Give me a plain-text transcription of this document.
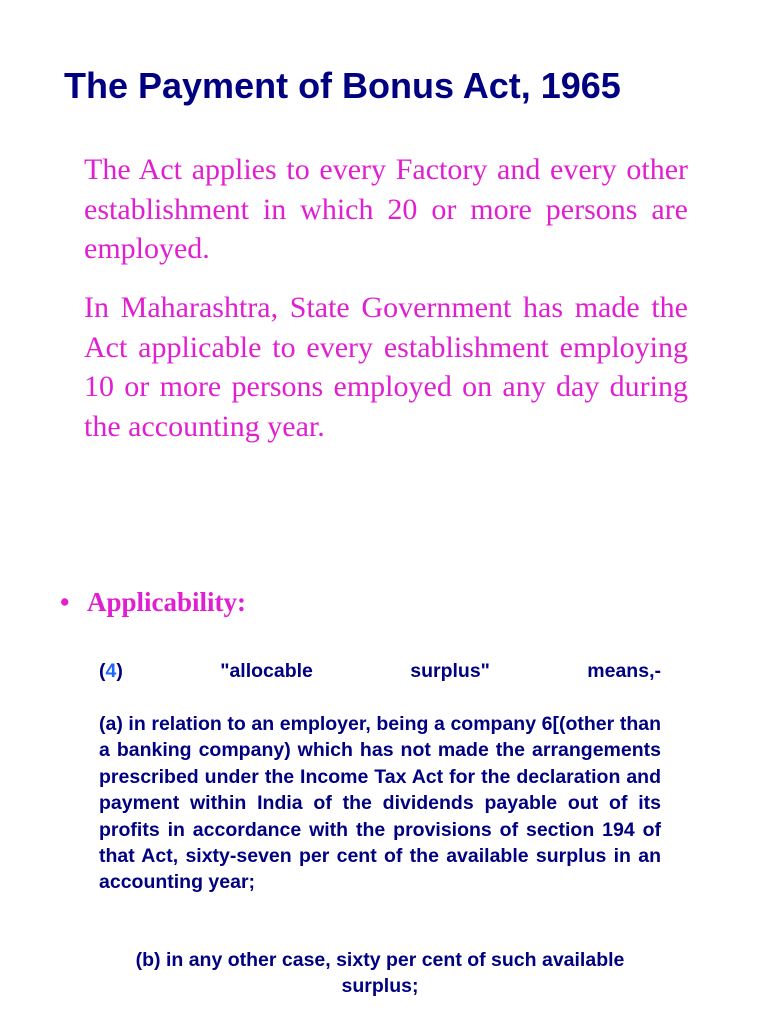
The Payment of Bonus Act, 1965

The Act applies to every Factory and every other establishment in which 20 or more persons are employed.

In Maharashtra, State Government has made the Act applicable to every establishment employing 10 or more persons employed on any day during the accounting year.

• Applicability:
(4)	"allocable	surplus"	means,-
(a) in relation to an employer, being a company 6[(other than a banking company) which has not made the arrangements prescribed under the Income Tax Act for the declaration and payment within India of the dividends payable out of its profits in accordance with the provisions of section 194 of that Act, sixty-seven per cent of the available surplus in an accounting year;
(b) in any other case, sixty per cent of such available surplus;
